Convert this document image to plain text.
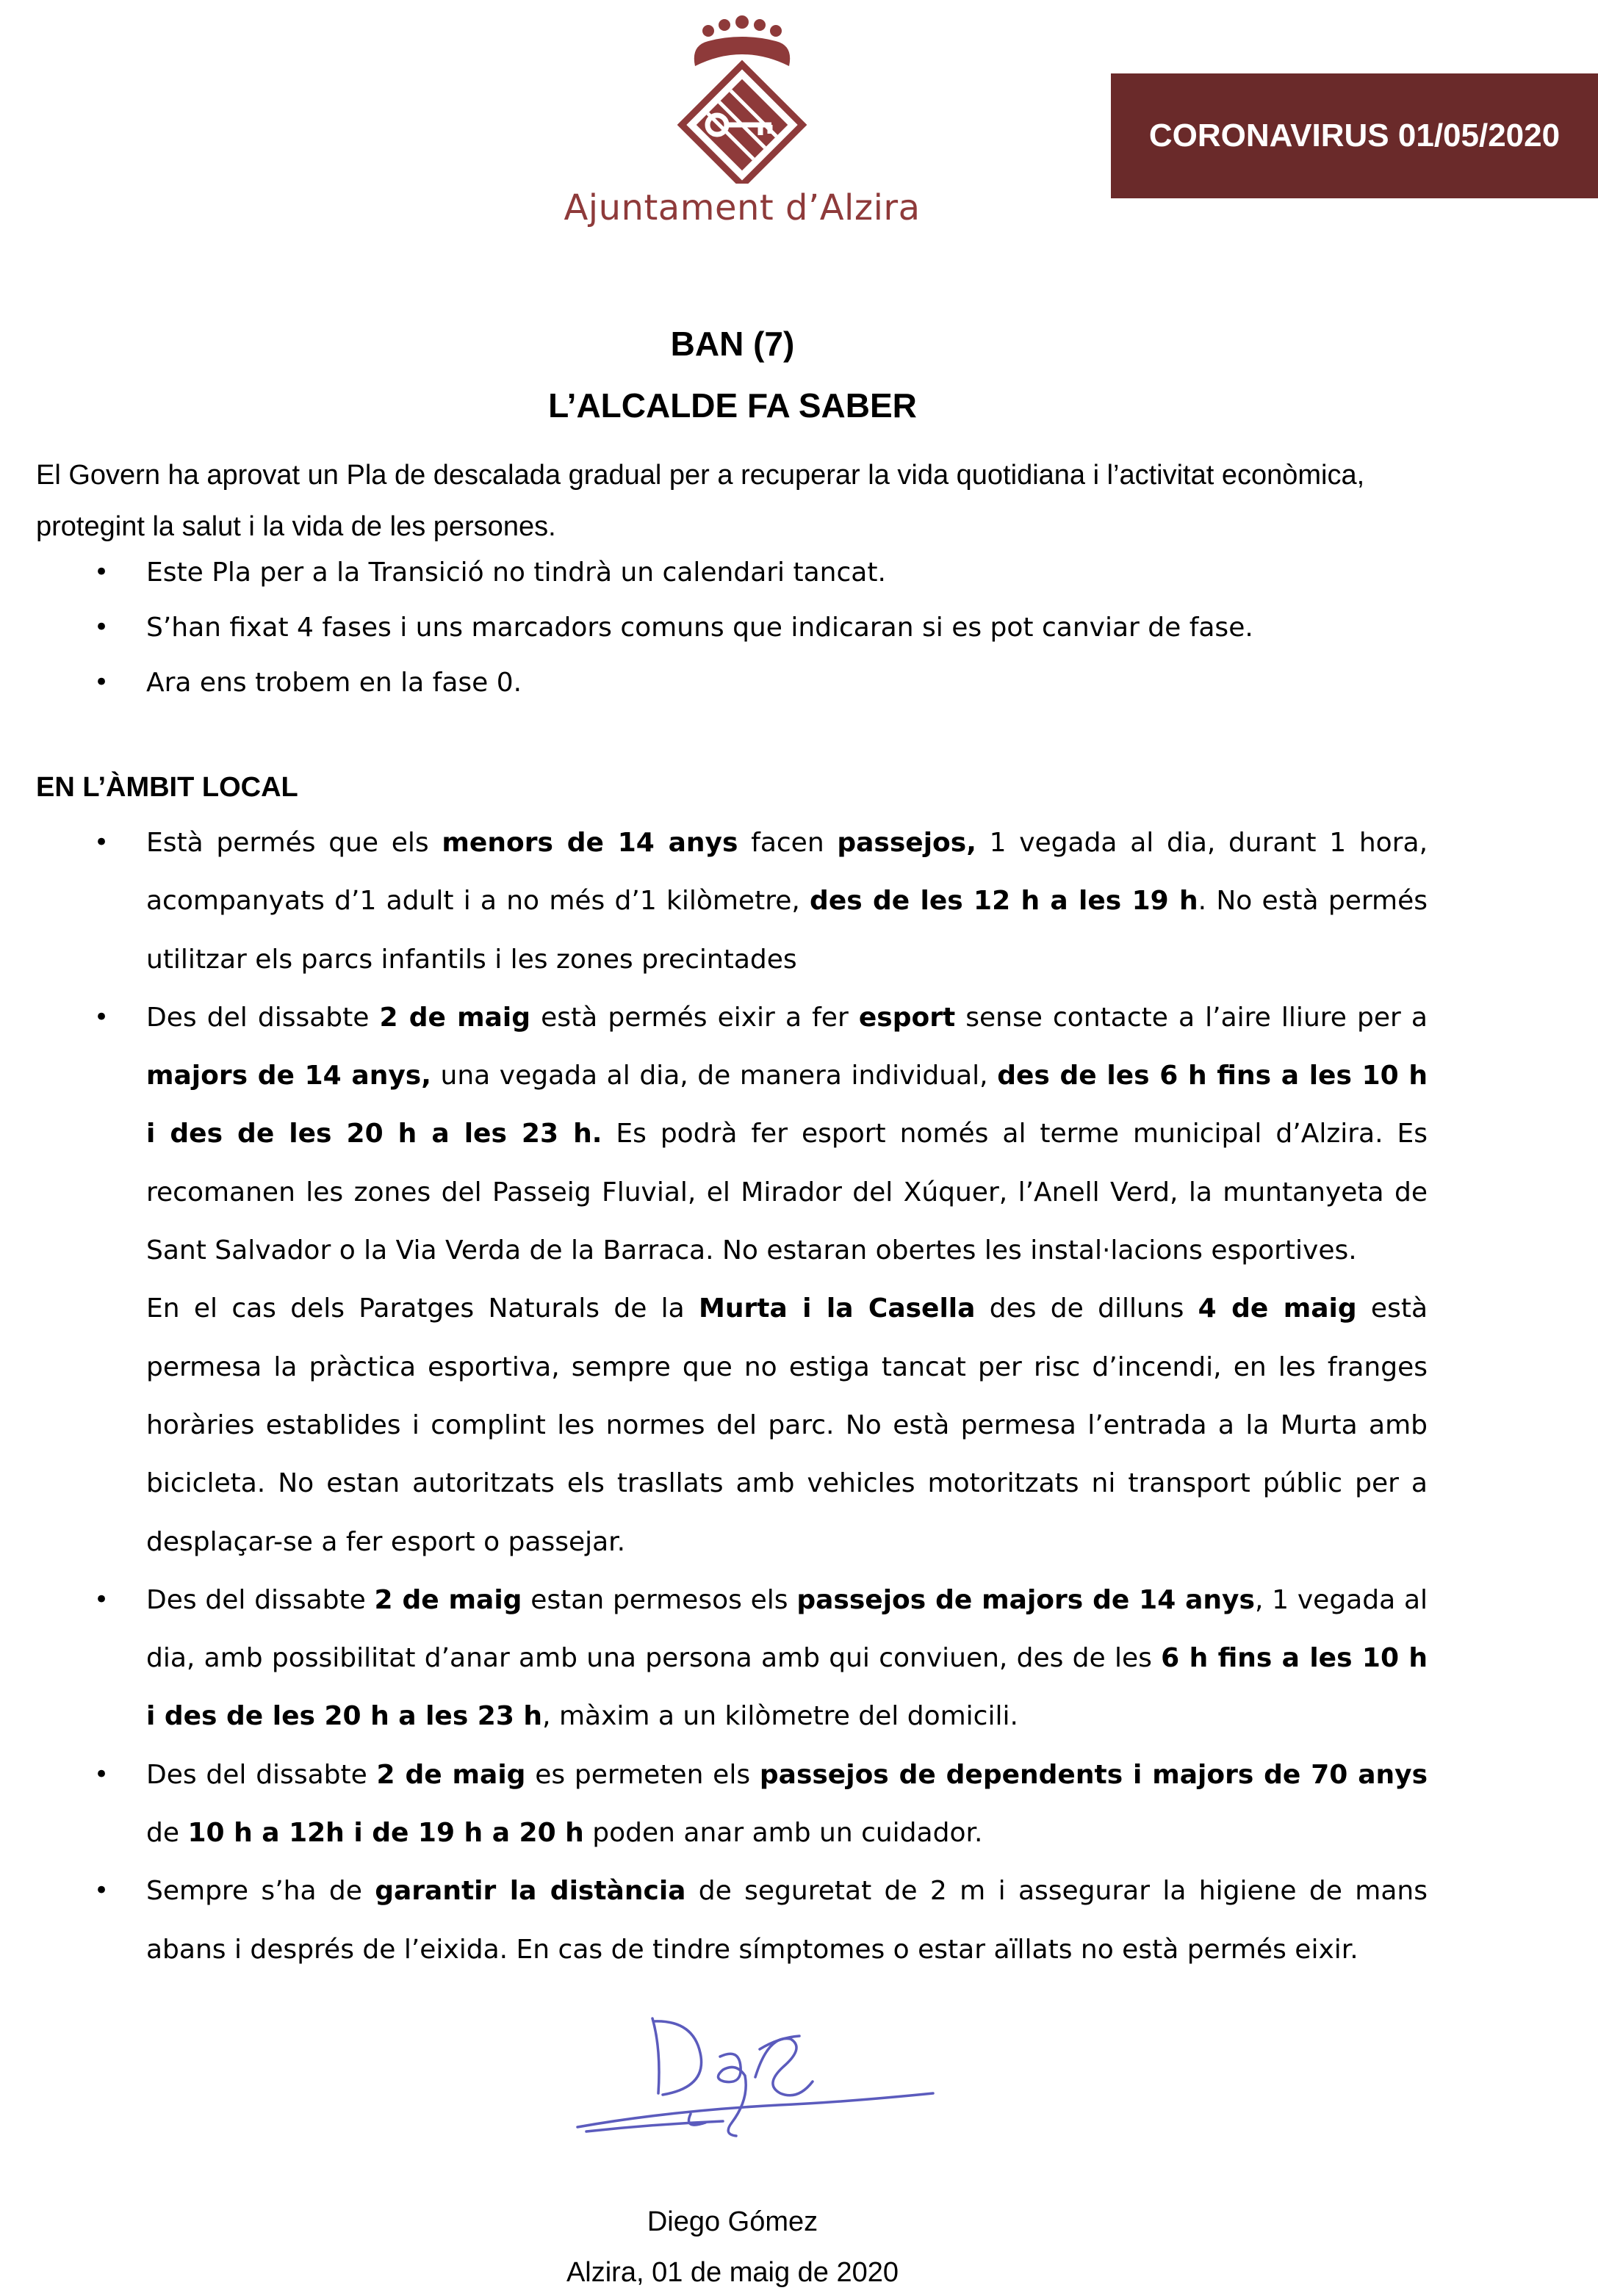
Ajuntament d’Alzira
CORONAVIRUS 01/05/2020
BAN (7)
L’ALCALDE FA SABER

El Govern ha aprovat un Pla de descalada gradual per a recuperar la vida quotidiana i l’activitat econòmica, protegint la salut i la vida de les persones.

• Este Pla per a la Transició no tindrà un calendari tancat.
• S’han fixat 4 fases i uns marcadors comuns que indicaran si es pot canviar de fase.
• Ara ens trobem en la fase 0.
EN L’ÀMBIT LOCAL
• Està permés que els menors de 14 anys facen passejos, 1 vegada al dia, durant 1 hora, acompanyats d’1 adult i a no més d’1 kilòmetre, des de les 12 h a les 19 h. No està permés utilitzar els parcs infantils i les zones precintades
• Des del dissabte 2 de maig està permés eixir a fer esport sense contacte a l’aire lliure per a majors de 14 anys, una vegada al dia, de manera individual, des de les 6 h fins a les 10 h i des de les 20 h a les 23 h. Es podrà fer esport només al terme municipal d’Alzira. Es recomanen les zones del Passeig Fluvial, el Mirador del Xúquer, l’Anell Verd, la muntanyeta de Sant Salvador o la Via Verda de la Barraca. No estaran obertes les instal·lacions esportives.
En el cas dels Paratges Naturals de la Murta i la Casella des de dilluns 4 de maig està permesa la pràctica esportiva, sempre que no estiga tancat per risc d’incendi, en les franges horàries establides i complint les normes del parc. No està permesa l’entrada a la Murta amb bicicleta. No estan autoritzats els trasllats amb vehicles motoritzats ni transport públic per a desplaçar-se a fer esport o passejar.
• Des del dissabte 2 de maig estan permesos els passejos de majors de 14 anys, 1 vegada al dia, amb possibilitat d’anar amb una persona amb qui conviuen, des de les 6 h fins a les 10 h i des de les 20 h a les 23 h, màxim a un kilòmetre del domicili.
• Des del dissabte 2 de maig es permeten els passejos de dependents i majors de 70 anys de 10 h a 12h i de 19 h a 20 h poden anar amb un cuidador.
• Sempre s’ha de garantir la distància de seguretat de 2 m i assegurar la higiene de mans abans i després de l’eixida. En cas de tindre símptomes o estar aïllats no està permés eixir.
Diego Gómez
Alzira, 01 de maig de 2020
